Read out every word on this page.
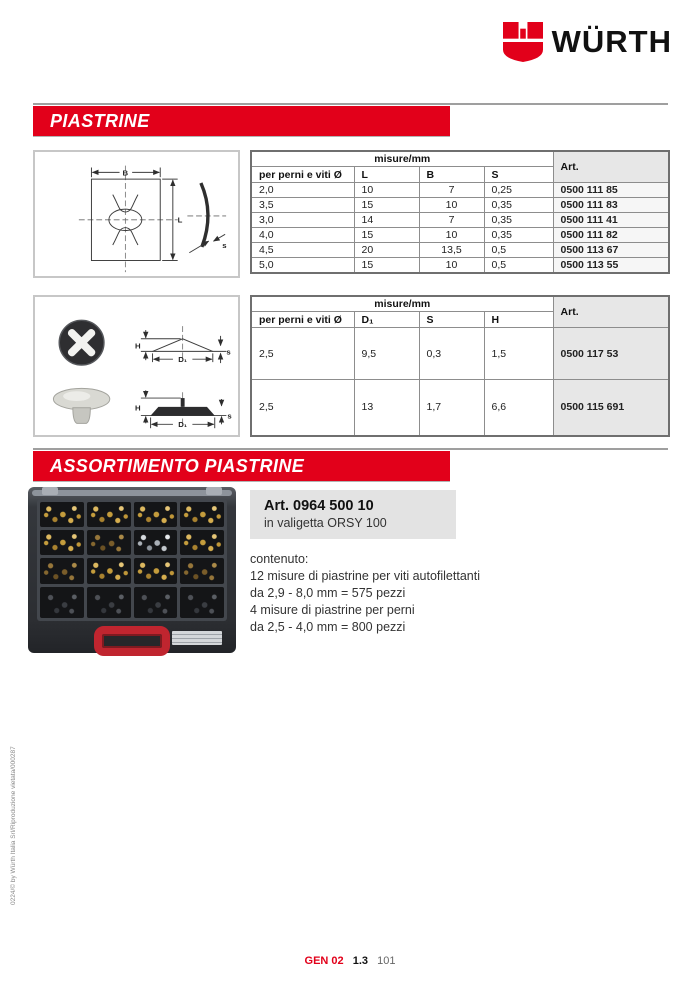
WÜRTH
PIASTRINE
B
L
s
misure/mm				Art.
per perni e viti Ø	L	B	S	
2,0	10	7	0,25	0500 111 85
3,5	15	10	0,35	0500 111 83
3,0	14	7	0,35	0500 111 41
4,0	15	10	0,35	0500 111 82
4,5	20	13,5	0,5	0500 113 67
5,0	15	10	0,5	0500 113 55
H
s
D₁
H
s
D₁
misure/mm				Art.
per perni e viti Ø	D₁	S	H	
2,5	9,5	0,3	1,5	0500 117 53
2,5	13	1,7	6,6	0500 115 691
ASSORTIMENTO PIASTRINE
Art. 0964 500 10
in valigetta ORSY 100
contenuto:
12 misure di piastrine per viti autofilettanti
da 2,9 - 8,0 mm = 575 pezzi
4 misure di piastrine per perni
da 2,5 - 4,0 mm = 800 pezzi
0224/© by Würth Italia Srl/Riproduzione vietata/000287
GEN 02 1.3 101
